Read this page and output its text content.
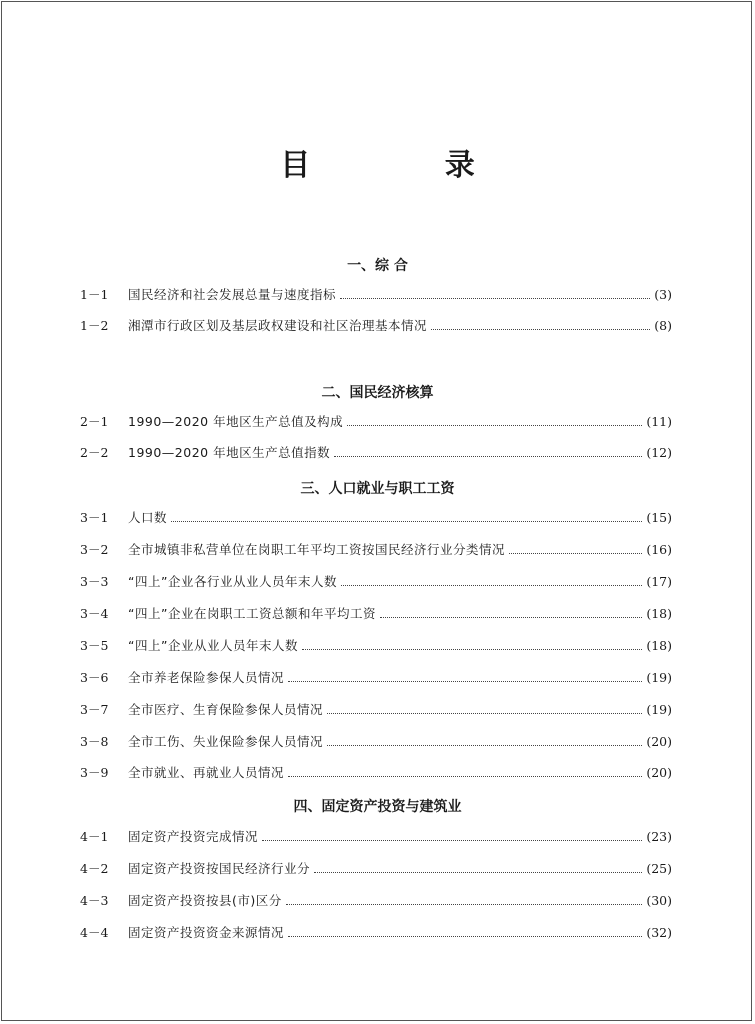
目 录
一、综 合
1－1	国民经济和社会发展总量与速度指标	(3)
1－2	湘潭市行政区划及基层政权建设和社区治理基本情况	(8)
二、国民经济核算
2－1	1990—2020 年地区生产总值及构成	(11)
2－2	1990—2020 年地区生产总值指数	(12)
三、人口就业与职工工资
3－1	人口数	(15)
3－2	全市城镇非私营单位在岗职工年平均工资按国民经济行业分类情况	(16)
3－3	“四上”企业各行业从业人员年末人数	(17)
3－4	“四上”企业在岗职工工资总额和年平均工资	(18)
3－5	“四上”企业从业人员年末人数	(18)
3－6	全市养老保险参保人员情况	(19)
3－7	全市医疗、生育保险参保人员情况	(19)
3－8	全市工伤、失业保险参保人员情况	(20)
3－9	全市就业、再就业人员情况	(20)
四、固定资产投资与建筑业
4－1	固定资产投资完成情况	(23)
4－2	固定资产投资按国民经济行业分	(25)
4－3	固定资产投资按县(市)区分	(30)
4－4	固定资产投资资金来源情况	(32)
